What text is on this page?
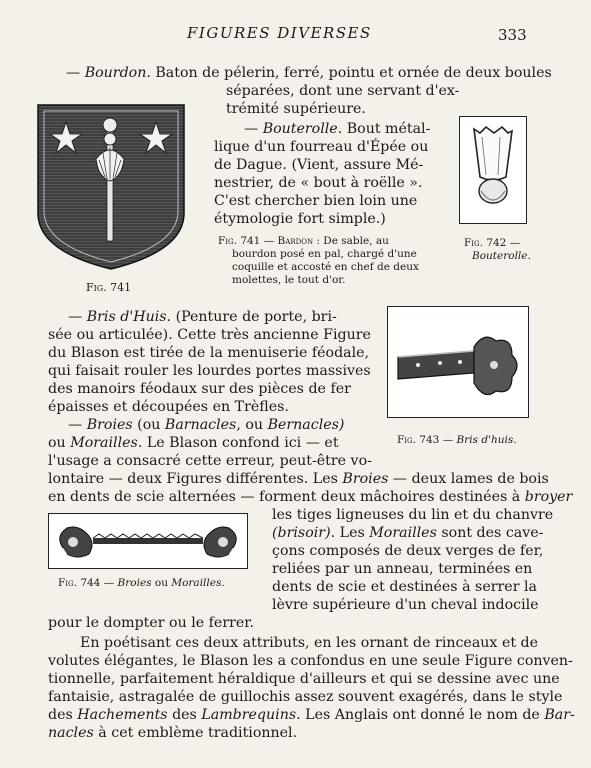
FIGURES DIVERSES	333
— Bourdon. Baton de pélerin, ferré, pointu et ornée de deux boules
séparées, dont une servant d'ex-
trémité supérieure.
Fig. 741
— Bouterolle. Bout métal-
lique d'un fourreau d'Épée ou
de Dague. (Vient, assure Mé-
nestrier, de « bout à roëlle ».
C'est chercher bien loin une
étymologie fort simple.)
Fig. 741 — Bardon : De sable, au
bourdon posé en pal, chargé d'une
coquille et accosté en chef de deux
molettes, le tout d'or.
Fig. 742 —
Bouterolle.
— Bris d'Huis. (Penture de porte, bri-
sée ou articulée). Cette très ancienne Figure
du Blason est tirée de la menuiserie féodale,
qui faisait rouler les lourdes portes massives
des manoirs féodaux sur des pièces de fer
épaisses et découpées en Trèfles.
Fig. 743 — Bris d'huis.
— Broies (ou Barnacles, ou Bernacles)
ou Morailles. Le Blason confond ici — et
l'usage a consacré cette erreur, peut-être vo-
lontaire — deux Figures différentes. Les Broies — deux lames de bois
en dents de scie alternées — forment deux mâchoires destinées à broyer
les tiges ligneuses du lin et du chanvre
(brisoir). Les Morailles sont des cave-
çons composés de deux verges de fer,
reliées par un anneau, terminées en
dents de scie et destinées à serrer la
lèvre supérieure d'un cheval indocile
pour le dompter ou le ferrer.
Fig. 744 — Broies ou Morailles.
En poétisant ces deux attributs, en les ornant de rinceaux et de
volutes élégantes, le Blason les a confondus en une seule Figure conven-
tionnelle, parfaitement héraldique d'ailleurs et qui se dessine avec une
fantaisie, astragalée de guillochis assez souvent exagérés, dans le style
des Hachements des Lambrequins. Les Anglais ont donné le nom de Bar-
nacles à cet emblème traditionnel.
